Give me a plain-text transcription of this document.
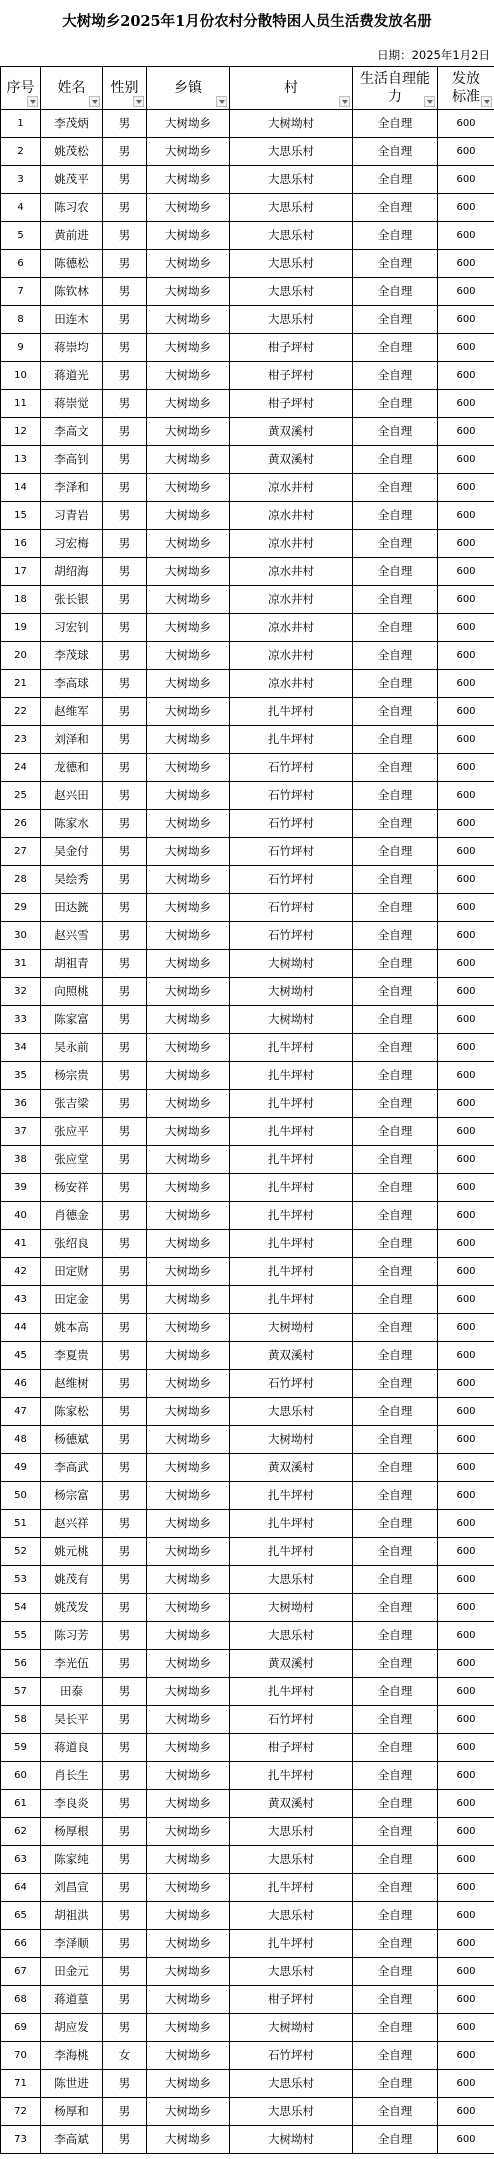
大树坳乡2025年1月份农村分散特困人员生活费发放名册
日期：2025年1月2日
序号	姓名	性别	乡镇	村	生活自理能力	发放标准

1	李茂炳	男	大树坳乡	大树坳村	全自理	600
2	姚茂松	男	大树坳乡	大思乐村	全自理	600
3	姚茂平	男	大树坳乡	大思乐村	全自理	600
4	陈习农	男	大树坳乡	大思乐村	全自理	600
5	黄前进	男	大树坳乡	大思乐村	全自理	600
6	陈德松	男	大树坳乡	大思乐村	全自理	600
7	陈钦林	男	大树坳乡	大思乐村	全自理	600
8	田连木	男	大树坳乡	大思乐村	全自理	600
9	蒋崇均	男	大树坳乡	柑子坪村	全自理	600
10	蒋道光	男	大树坳乡	柑子坪村	全自理	600
11	蒋崇觉	男	大树坳乡	柑子坪村	全自理	600
12	李高文	男	大树坳乡	黄双溪村	全自理	600
13	李高钊	男	大树坳乡	黄双溪村	全自理	600
14	李泽和	男	大树坳乡	凉水井村	全自理	600
15	习青岩	男	大树坳乡	凉水井村	全自理	600
16	习宏梅	男	大树坳乡	凉水井村	全自理	600
17	胡绍海	男	大树坳乡	凉水井村	全自理	600
18	张长银	男	大树坳乡	凉水井村	全自理	600
19	习宏钊	男	大树坳乡	凉水井村	全自理	600
20	李茂球	男	大树坳乡	凉水井村	全自理	600
21	李高球	男	大树坳乡	凉水井村	全自理	600
22	赵维军	男	大树坳乡	扎牛坪村	全自理	600
23	刘泽和	男	大树坳乡	扎牛坪村	全自理	600
24	龙德和	男	大树坳乡	石竹坪村	全自理	600
25	赵兴田	男	大树坳乡	石竹坪村	全自理	600
26	陈家水	男	大树坳乡	石竹坪村	全自理	600
27	吴金付	男	大树坳乡	石竹坪村	全自理	600
28	吴绘秀	男	大树坳乡	石竹坪村	全自理	600
29	田达銃	男	大树坳乡	石竹坪村	全自理	600
30	赵兴雪	男	大树坳乡	石竹坪村	全自理	600
31	胡祖青	男	大树坳乡	大树坳村	全自理	600
32	向照桃	男	大树坳乡	大树坳村	全自理	600
33	陈家富	男	大树坳乡	大树坳村	全自理	600
34	吴永前	男	大树坳乡	扎牛坪村	全自理	600
35	杨宗贵	男	大树坳乡	扎牛坪村	全自理	600
36	张吉梁	男	大树坳乡	扎牛坪村	全自理	600
37	张应平	男	大树坳乡	扎牛坪村	全自理	600
38	张应堂	男	大树坳乡	扎牛坪村	全自理	600
39	杨安祥	男	大树坳乡	扎牛坪村	全自理	600
40	肖德金	男	大树坳乡	扎牛坪村	全自理	600
41	张绍良	男	大树坳乡	扎牛坪村	全自理	600
42	田定财	男	大树坳乡	扎牛坪村	全自理	600
43	田定金	男	大树坳乡	扎牛坪村	全自理	600
44	姚本高	男	大树坳乡	大树坳村	全自理	600
45	李夏贵	男	大树坳乡	黄双溪村	全自理	600
46	赵维树	男	大树坳乡	石竹坪村	全自理	600
47	陈家松	男	大树坳乡	大思乐村	全自理	600
48	杨德斌	男	大树坳乡	大树坳村	全自理	600
49	李高武	男	大树坳乡	黄双溪村	全自理	600
50	杨宗富	男	大树坳乡	扎牛坪村	全自理	600
51	赵兴祥	男	大树坳乡	扎牛坪村	全自理	600
52	姚元桃	男	大树坳乡	扎牛坪村	全自理	600
53	姚茂有	男	大树坳乡	大思乐村	全自理	600
54	姚茂发	男	大树坳乡	大树坳村	全自理	600
55	陈习芳	男	大树坳乡	大思乐村	全自理	600
56	李光伍	男	大树坳乡	黄双溪村	全自理	600
57	田泰	男	大树坳乡	扎牛坪村	全自理	600
58	吴长平	男	大树坳乡	石竹坪村	全自理	600
59	蒋道良	男	大树坳乡	柑子坪村	全自理	600
60	肖长生	男	大树坳乡	扎牛坪村	全自理	600
61	李良炎	男	大树坳乡	黄双溪村	全自理	600
62	杨厚根	男	大树坳乡	大思乐村	全自理	600
63	陈家纯	男	大树坳乡	大思乐村	全自理	600
64	刘昌宣	男	大树坳乡	扎牛坪村	全自理	600
65	胡祖洪	男	大树坳乡	大思乐村	全自理	600
66	李泽顺	男	大树坳乡	扎牛坪村	全自理	600
67	田金元	男	大树坳乡	大思乐村	全自理	600
68	蒋道葟	男	大树坳乡	柑子坪村	全自理	600
69	胡应发	男	大树坳乡	大树坳村	全自理	600
70	李海桃	女	大树坳乡	石竹坪村	全自理	600
71	陈世进	男	大树坳乡	大思乐村	全自理	600
72	杨厚和	男	大树坳乡	大思乐村	全自理	600
73	李高斌	男	大树坳乡	大树坳村	全自理	600
